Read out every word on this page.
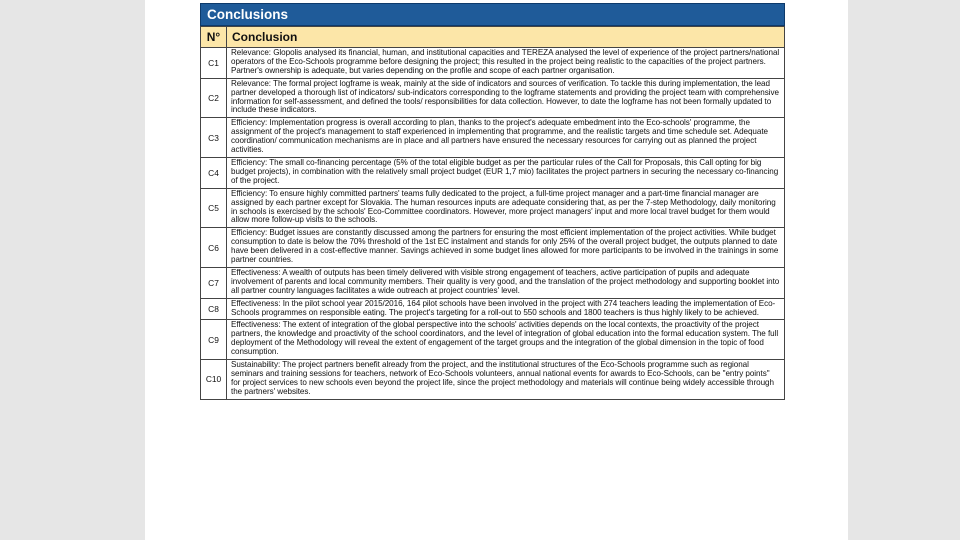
Conclusions
N°	Conclusion
C1	Relevance: Glopolis analysed its financial, human, and institutional capacities and TEREZA analysed the level of experience of the project partners/national operators of the Eco-Schools programme before designing the project; this resulted in the project being realistic to the capacities of the project partners. Partner's ownership is adequate, but varies depending on the profile and scope of each partner organisation.
C2	Relevance: The formal project logframe is weak, mainly at the side of indicators and sources of verification. To tackle this during implementation, the lead partner developed a thorough list of indicators/ sub-indicators corresponding to the logframe statements and providing the project team with comprehensive information for self-assessment, and defined the tools/ responsibilities for data collection. However, to date the logframe has not been formally updated to include these indicators.
C3	Efficiency: Implementation progress is overall according to plan, thanks to the project's adequate embedment into the Eco-schools' programme, the assignment of the project's management to staff experienced in implementing that programme, and the realistic targets and time schedule set. Adequate coordination/ communication mechanisms are in place and all partners have ensured the necessary resources for carrying out as planned the project activities.
C4	Efficiency: The small co-financing percentage (5% of the total eligible budget as per the particular rules of the Call for Proposals, this Call opting for big budget projects), in combination with the relatively small project budget (EUR 1,7 mio) facilitates the project partners in securing the necessary co-financing of the project.
C5	Efficiency: To ensure highly committed partners' teams fully dedicated to the project, a full-time project manager and a part-time financial manager are assigned by each partner except for Slovakia. The human resources inputs are adequate considering that, as per the 7-step Methodology, daily monitoring in schools is exercised by the schools' Eco-Committee coordinators. However, more project managers' input and more local travel budget for them would allow more follow-up visits to the schools.
C6	Efficiency: Budget issues are constantly discussed among the partners for ensuring the most efficient implementation of the project activities. While budget consumption to date is below the 70% threshold of the 1st EC instalment and stands for only 25% of the overall project budget, the outputs planned to date have been delivered in a cost-effective manner. Savings achieved in some budget lines allowed for more participants to be involved in the trainings in some partner countries.
C7	Effectiveness: A wealth of outputs has been timely delivered with visible strong engagement of teachers, active participation of pupils and adequate involvement of parents and local community members. Their quality is very good, and the translation of the project methodology and supporting booklet into all partner country languages facilitates a wide outreach at project countries' level.
C8	Effectiveness: In the pilot school year 2015/2016, 164 pilot schools have been involved in the project with 274 teachers leading the implementation of Eco-Schools programmes on responsible eating. The project's targeting for a roll-out to 550 schools and 1800 teachers is thus highly likely to be achieved.
C9	Effectiveness: The extent of integration of the global perspective into the schools' activities depends on the local contexts, the proactivity of the project partners, the knowledge and proactivity of the school coordinators, and the level of integration of global education into the formal education system. The full deployment of the Methodology will reveal the extent of engagement of the target groups and the integration of the global dimension in the topic of food consumption.
C10	Sustainability: The project partners benefit already from the project, and the institutional structures of the Eco-Schools programme such as regional seminars and training sessions for teachers, network of Eco-Schools volunteers, annual national events for awards to Eco-Schools, can be "entry points" for project services to new schools even beyond the project life, since the project methodology and materials will continue being widely accessible through the partners' websites.
